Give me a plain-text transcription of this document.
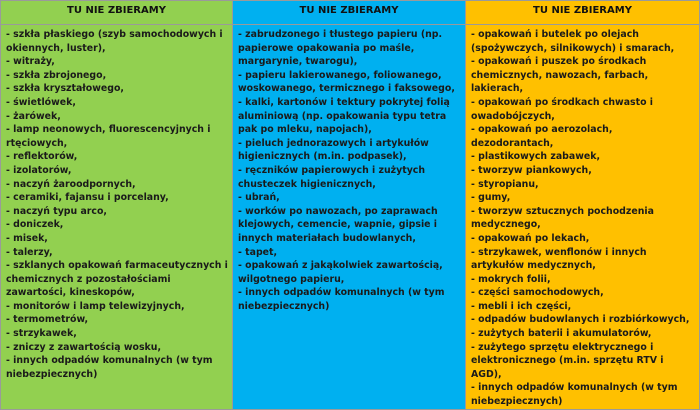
TU NIE ZBIERAMY
- szkła płaskiego (szyb samochodowych i okiennych, luster),
- witraży,
- szkła zbrojonego,
- szkła kryształowego,
- świetlówek,
- żarówek,
- lamp neonowych, fluorescencyjnych i rtęciowych,
- reflektorów,
- izolatorów,
- naczyń żaroodpornych,
- ceramiki, fajansu i porcelany,
- naczyń typu arco,
- doniczek,
- misek,
- talerzy,
- szklanych opakowań farmaceutycznych i chemicznych z pozostałościami zawartości, kineskopów,
- monitorów i lamp telewizyjnych,
- termometrów,
- strzykawek,
- zniczy z zawartością wosku,
- innych odpadów komunalnych (w tym niebezpiecznych)
TU NIE ZBIERAMY
- zabrudzonego i tłustego papieru (np. papierowe opakowania po maśle, margarynie, twarogu),
- papieru lakierowanego, foliowanego, woskowanego, termicznego i faksowego,
- kalki, kartonów i tektury pokrytej folią aluminiową (np. opakowania typu tetra pak po mleku, napojach),
- pieluch jednorazowych i artykułów higienicznych (m.in. podpasek),
- ręczników papierowych i zużytych chusteczek higienicznych,
- ubrań,
- worków po nawozach, po zaprawach klejowych, cemencie, wapnie, gipsie i innych materiałach budowlanych,
- tapet,
- opakowań z jakąkolwiek zawartością, wilgotnego papieru,
- innych odpadów komunalnych (w tym niebezpiecznych)
TU NIE ZBIERAMY
- opakowań i butelek po olejach (spożywczych, silnikowych) i smarach,
- opakowań i puszek po środkach chemicznych, nawozach, farbach, lakierach,
- opakowań po środkach chwasto i owadobójczych,
- opakowań po aerozolach, dezodorantach,
- plastikowych zabawek,
- tworzyw piankowych,
- styropianu,
- gumy,
- tworzyw sztucznych pochodzenia medycznego,
- opakowań po lekach,
- strzykawek, wenflonów i innych artykułów medycznych,
- mokrych folii,
- części samochodowych,
- mebli i ich części,
- odpadów budowlanych i rozbiórkowych,
- zużytych baterii i akumulatorów,
- zużytego sprzętu elektrycznego i elektronicznego (m.in. sprzętu RTV i AGD),
- innych odpadów komunalnych (w tym niebezpiecznych)
